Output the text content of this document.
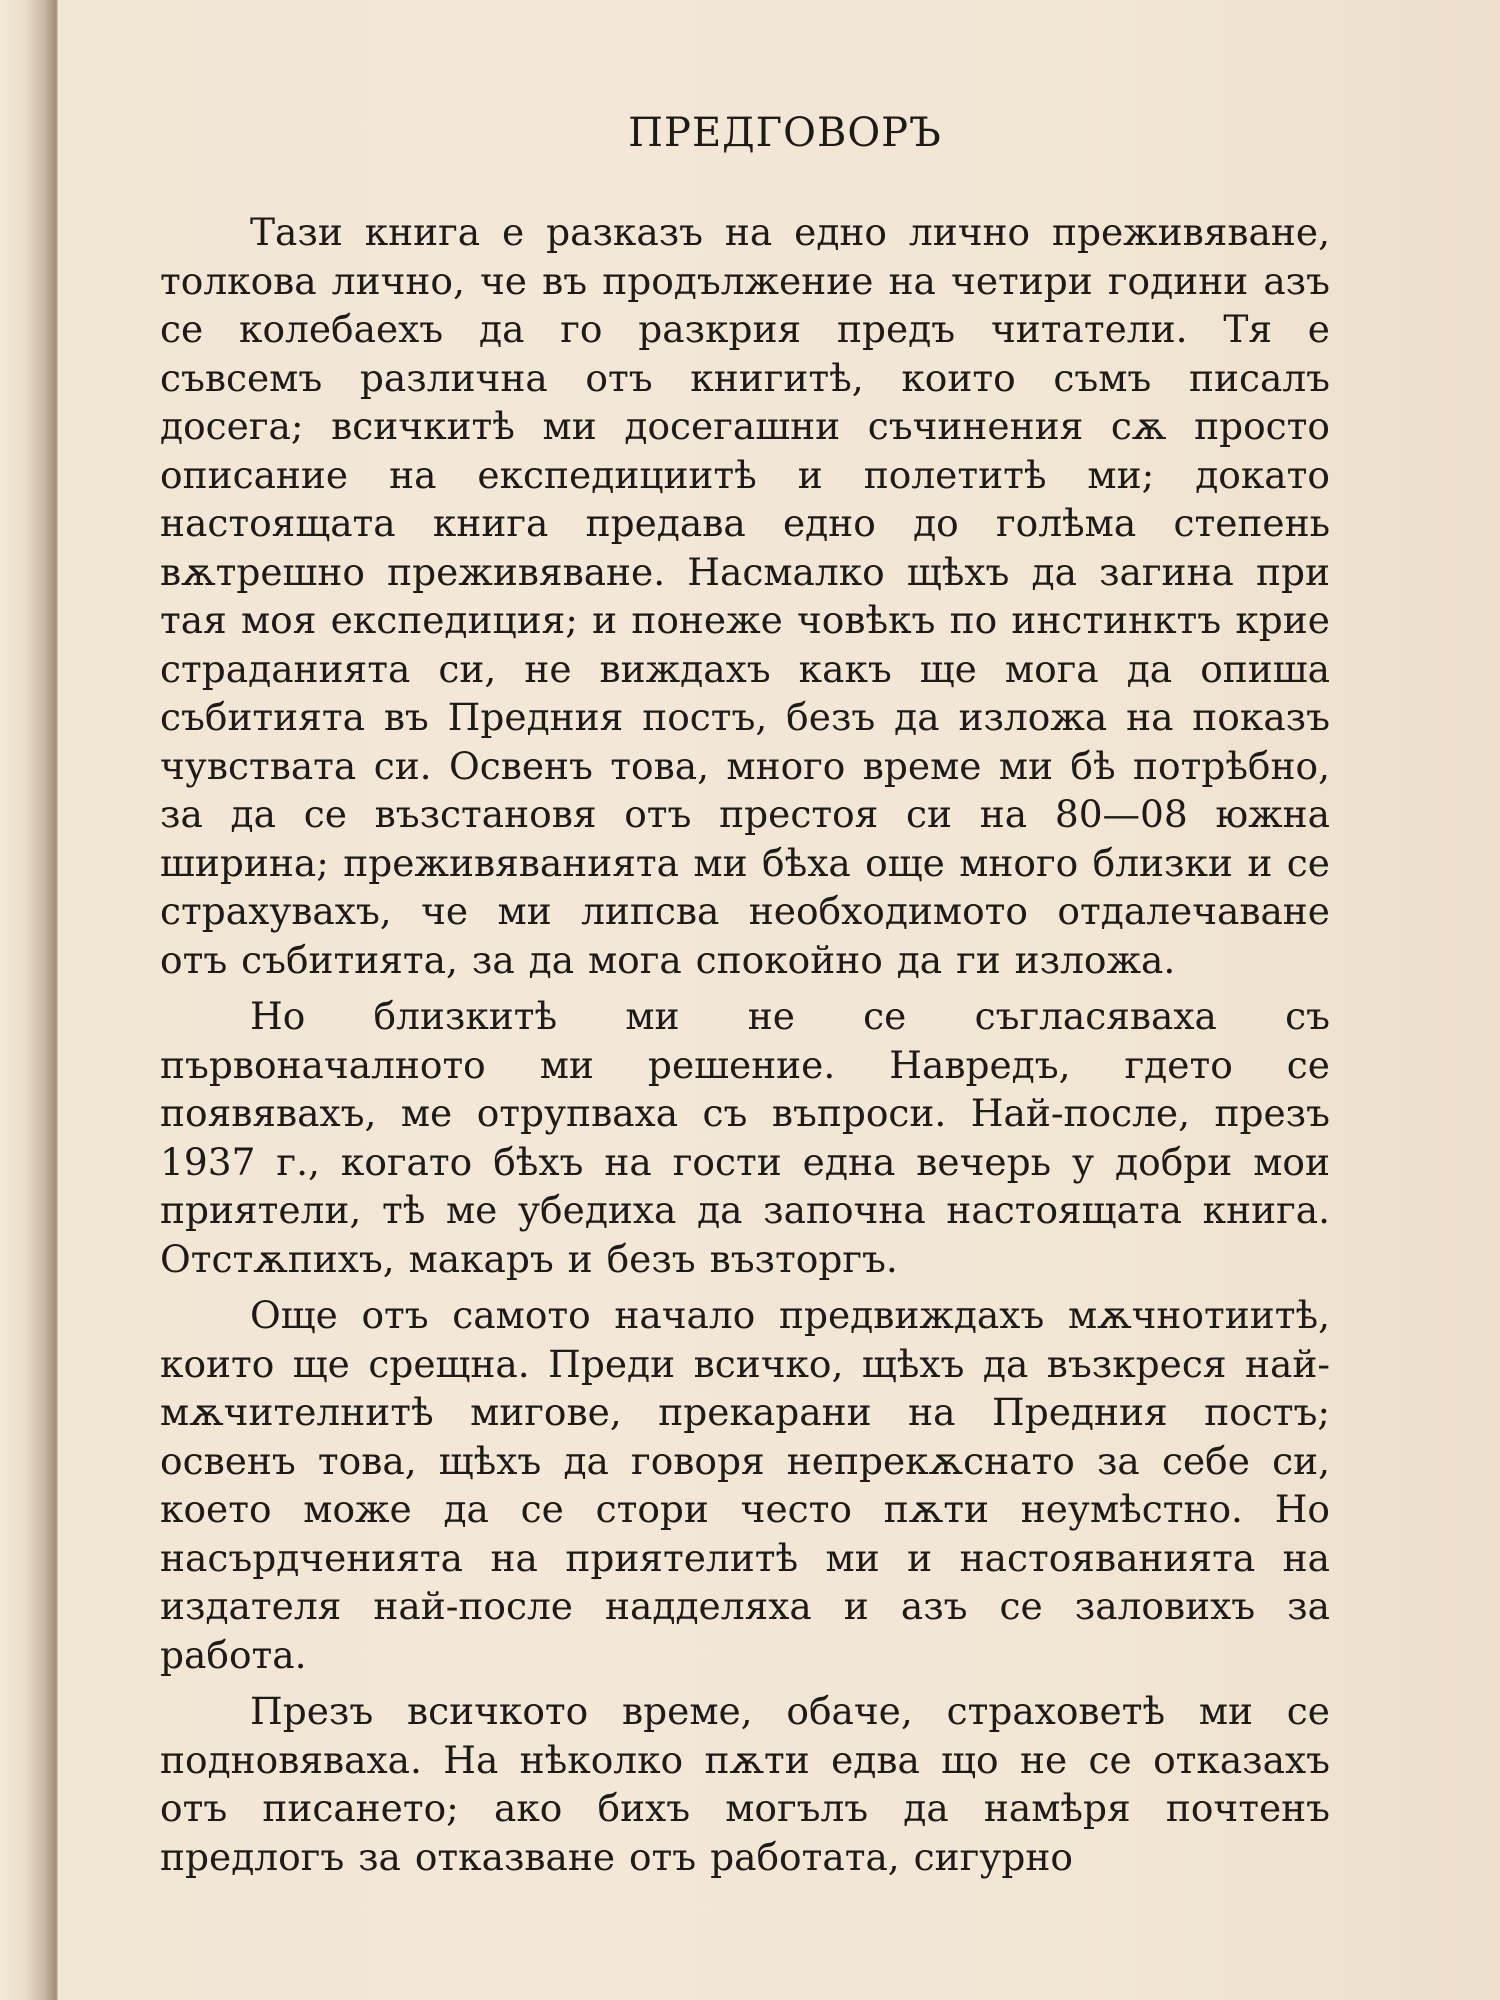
ПРЕДГОВОРЪ

Тази книга е разказъ на едно лично преживяване, толкова лично, че въ продължение на четири години азъ се колебаехъ да го разкрия предъ читатели. Тя е съвсемъ различна отъ книгитѣ, които съмъ писалъ досега; всичкитѣ ми досегашни съчинения сѫ просто описание на експедициитѣ и полетитѣ ми; докато настоящата книга предава едно до голѣма степень вѫтрешно преживяване. Насмалко щѣхъ да загина при тая моя експедиция; и понеже човѣкъ по инстинктъ крие страданията си, не виждахъ какъ ще мога да опиша събитията въ Предния постъ, безъ да изложа на показъ чувствата си. Освенъ това, много време ми бѣ потрѣбно, за да се възстановя отъ престоя си на 80—08 южна ширина; преживяванията ми бѣха още много близки и се страхувахъ, че ми липсва необходимото отдалечаване отъ събитията, за да мога спокойно да ги изложа.

Но близкитѣ ми не се съгласяваха съ първоначалното ми решение. Навредъ, гдето се появявахъ, ме отрупваха съ въпроси. Най-после, презъ 1937 г., когато бѣхъ на гости една вечерь у добри мои приятели, тѣ ме убедиха да започна настоящата книга. Отстѫпихъ, макаръ и безъ възторгъ.

Още отъ самото начало предвиждахъ мѫчнотиитѣ, които ще срещна. Преди всичко, щѣхъ да възкреся най-мѫчителнитѣ мигове, прекарани на Предния постъ; освенъ това, щѣхъ да говоря непрекѫснато за себе си, което може да се стори често пѫти неумѣстно. Но насърдченията на приятелитѣ ми и настояванията на издателя най-после надделяха и азъ се заловихъ за работа.

Презъ всичкото време, обаче, страховетѣ ми се подновяваха. На нѣколко пѫти едва що не се отказахъ отъ писането; ако бихъ могълъ да намѣря почтенъ предлогъ за отказване отъ работата, сигурно
